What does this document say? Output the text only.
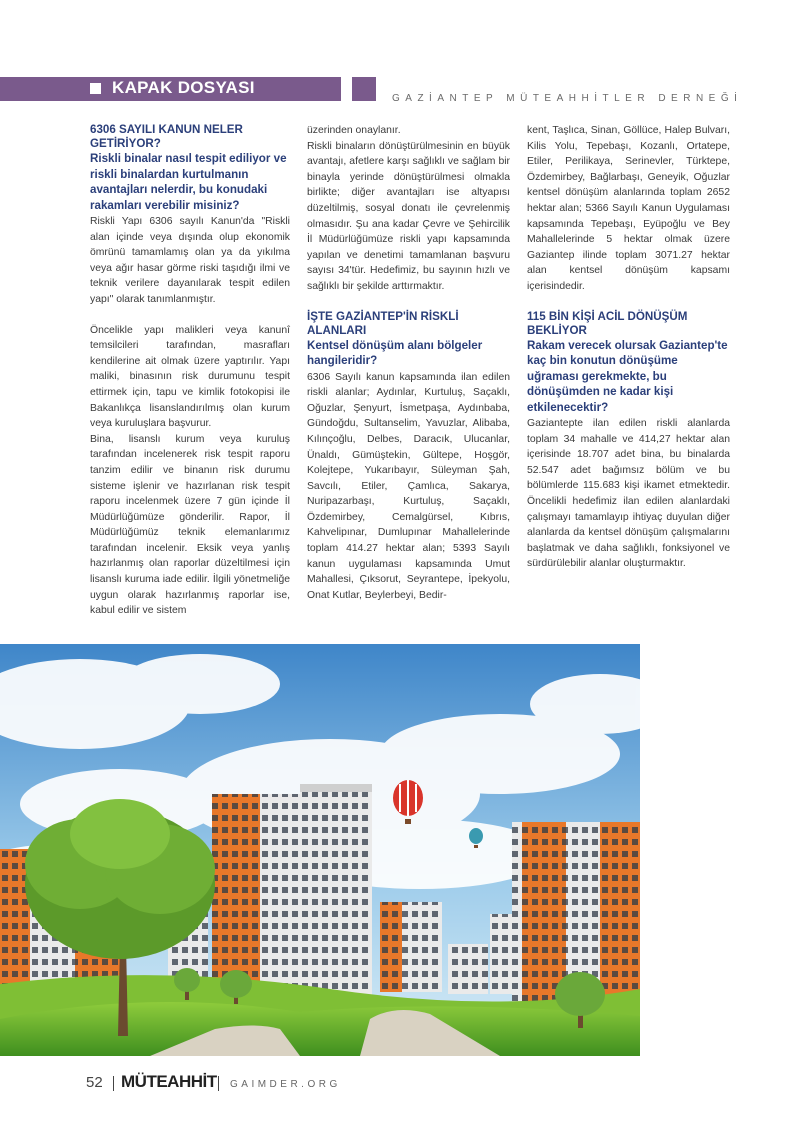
KAPAK DOSYASI
GAZİANTEP MÜTEAHHİTLER DERNEĞİ
6306 SAYILI KANUN NELER GETİRİYOR?
Riskli binalar nasıl tespit ediliyor ve riskli binalardan kurtulmanın avantajları nelerdir, bu konudaki rakamları verebilir misiniz?

Riskli Yapı 6306 sayılı Kanun'da "Riskli alan içinde veya dışında olup ekonomik ömrünü tamamlamış olan ya da yıkılma veya ağır hasar görme riski taşıdığı ilmi ve teknik verilere dayanılarak tespit edilen yapı" olarak tanımlanmıştır.

Öncelikle yapı malikleri veya kanunî temsilcileri tarafından, masrafları kendilerine ait olmak üzere yaptırılır. Yapı maliki, binasının risk durumunu tespit ettirmek için, tapu ve kimlik fotokopisi ile Bakanlıkça lisanslandırılmış olan kurum veya kuruluşlara başvurur.

Bina, lisanslı kurum veya kuruluş tarafından incelenerek risk tespit raporu tanzim edilir ve binanın risk durumu sisteme işlenir ve hazırlanan risk tespit raporu incelenmek üzere 7 gün içinde İl Müdürlüğümüze gönderilir. Rapor, İl Müdürlüğümüz teknik elemanlarımız tarafından incelenir. Eksik veya yanlış hazırlanmış olan raporlar düzeltilmesi için lisanslı kuruma iade edilir. İlgili yönetmeliğe uygun olarak hazırlanmış raporlar ise, kabul edilir ve sistem

üzerinden onaylanır.

Riskli binaların dönüştürülmesinin en büyük avantajı, afetlere karşı sağlıklı ve sağlam bir binayla yerinde dönüştürülmesi olmakla birlikte; diğer avantajları ise altyapısı düzeltilmiş, sosyal donatı ile çevrelenmiş olmasıdır. Şu ana kadar Çevre ve Şehircilik İl Müdürlüğümüze riskli yapı kapsamında yapılan ve denetimi tamamlanan başvuru sayısı 34'tür. Hedefimiz, bu sayının hızlı ve sağlıklı bir şekilde arttırmaktır.

İŞTE GAZİANTEP'İN RİSKLİ ALANLARI
Kentsel dönüşüm alanı bölgeler hangileridir?

6306 Sayılı kanun kapsamında ilan edilen riskli alanlar; Aydınlar, Kurtuluş, Saçaklı, Oğuzlar, Şenyurt, İsmetpaşa, Aydınbaba, Gündoğdu, Sultanselim, Yavuzlar, Alibaba, Kılınçoğlu, Delbes, Daracık, Ulucanlar, Ünaldı, Gümüştekin, Gültepe, Hoşgör, Kolejtepe, Yukarıbayır, Süleyman Şah, Savcılı, Etiler, Çamlıca, Sakarya, Nuripazarbaşı, Kurtuluş, Saçaklı, Özdemirbey, Cemalgürsel, Kıbrıs, Kahvelipınar, Dumlupınar Mahallelerinde toplam 414.27 hektar alan; 5393 Sayılı kanun uygulaması kapsamında Umut Mahallesi, Çıksorut, Seyrantepe, İpekyolu, Onat Kutlar, Beylerbeyi, Bedir-

kent, Taşlıca, Sinan, Göllüce, Halep Bulvarı, Kilis Yolu, Tepebaşı, Kozanlı, Ortatepe, Etiler, Perilikaya, Serinevler, Türktepe, Özdemirbey, Bağlarbaşı, Geneyik, Oğuzlar kentsel dönüşüm alanlarında toplam 2652 hektar alan; 5366 Sayılı Kanun Uygulaması kapsamında Tepebaşı, Eyüpoğlu ve Bey Mahallelerinde 5 hektar olmak üzere Gaziantep ilinde toplam 3071.27 hektar alan kentsel dönüşüm kapsamı içerisindedir.

115 BİN KİŞİ ACİL DÖNÜŞÜM BEKLİYOR
Rakam verecek olursak Gaziantep'te kaç bin konutun dönüşüme uğraması gerekmekte, bu dönüşümden ne kadar kişi etkilenecektir?

Gaziantepte ilan edilen riskli alanlarda toplam 34 mahalle ve 414,27 hektar alan içerisinde 18.707 adet bina, bu binalarda 52.547 adet bağımsız bölüm ve bu bölümlerde 115.683 kişi ikamet etmektedir. Öncelikli hedefimiz ilan edilen alanlardaki çalışmayı tamamlayıp ihtiyaç duyulan diğer alanlarda da kentsel dönüşüm çalışmalarını başlatmak ve daha sağlıklı, fonksiyonel ve sürdürülebilir alanlar oluşturmaktır.

52 MÜTEAHHİT GAIMDER.ORG
